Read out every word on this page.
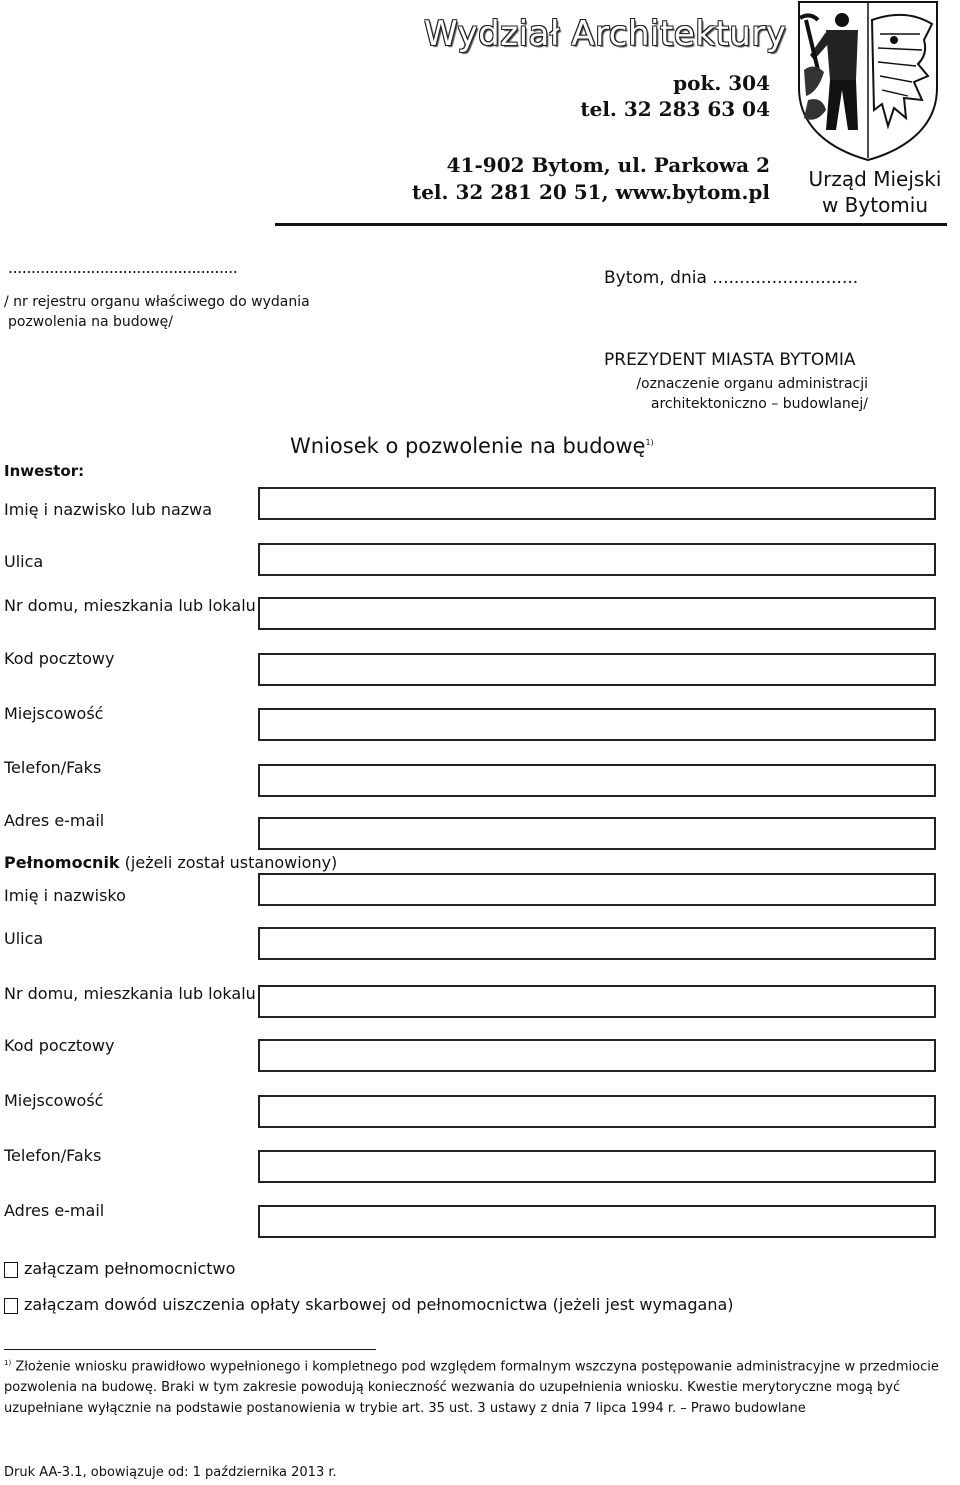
Wydział Architektury
pok. 304
tel. 32 283 63 04
41-902 Bytom, ul. Parkowa 2
tel. 32 281 20 51, www.bytom.pl
Urząd Miejski
w Bytomiu
..................................................
/ nr rejestru organu właściwego do wydania
pozwolenia na budowę/
Bytom, dnia ...........................
PREZYDENT MIASTA BYTOMIA
/oznaczenie organu administracji
architektoniczno – budowlanej/
Wniosek o pozwolenie na budowę$^{1)}$
Inwestor:
Imię i nazwisko lub nazwa
Ulica
Nr domu, mieszkania lub lokalu
Kod pocztowy
Miejscowość
Telefon/Faks
Adres e-mail
Pełnomocnik (jeżeli został ustanowiony)
Imię i nazwisko
Ulica
Nr domu, mieszkania lub lokalu
Kod pocztowy
Miejscowość
Telefon/Faks
Adres e-mail
załączam pełnomocnictwo
załączam dowód uiszczenia opłaty skarbowej od pełnomocnictwa (jeżeli jest wymagana)
$^{1)}$ Złożenie wniosku prawidłowo wypełnionego i kompletnego pod względem formalnym wszczyna postępowanie administracyjne w przedmiocie
pozwolenia na budowę. Braki w tym zakresie powodują konieczność wezwania do uzupełnienia wniosku. Kwestie merytoryczne mogą być
uzupełniane wyłącznie na podstawie postanowienia w trybie art. 35 ust. 3 ustawy z dnia 7 lipca 1994 r. – Prawo budowlane
Druk AA-3.1, obowiązuje od: 1 października 2013 r.
